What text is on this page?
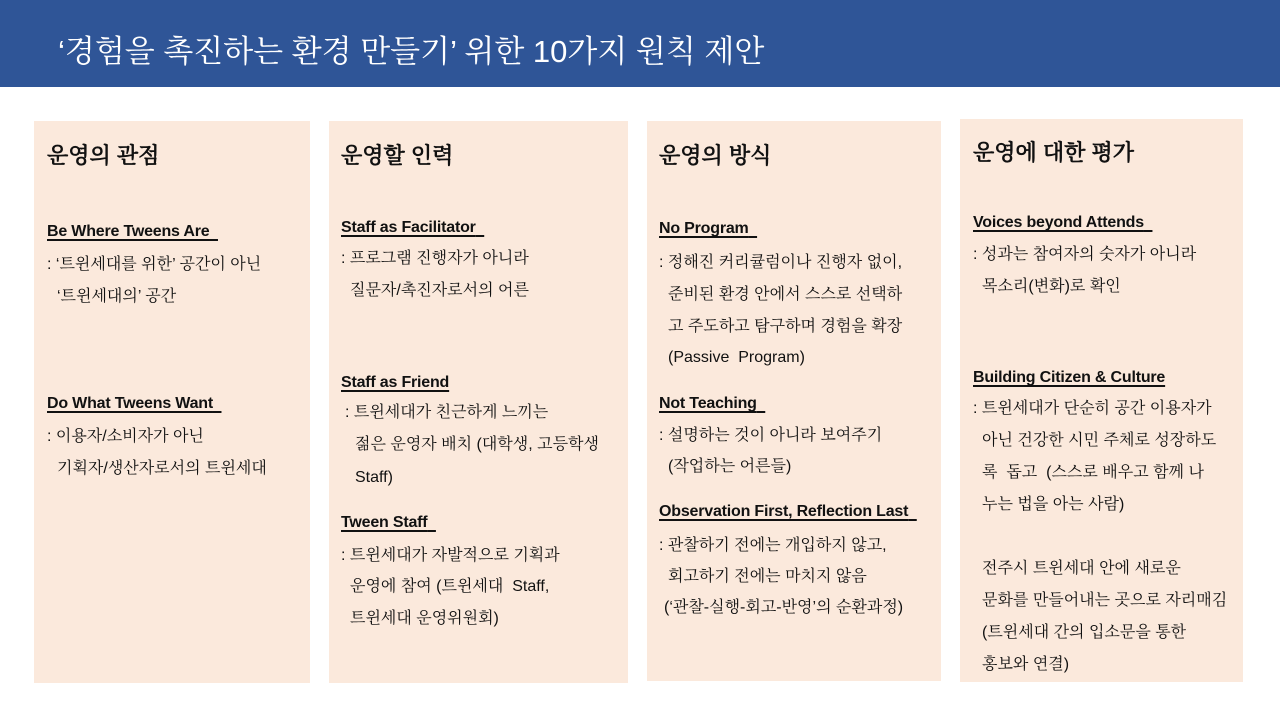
‘경험을 촉진하는 환경 만들기’ 위한 10가지 원칙 제안
운영의 관점
Be Where Tweens Are
: ‘트윈세대를 위한’ 공간이 아닌
‘트윈세대의’ 공간
Do What Tweens Want
: 이용자/소비자가 아닌
기획자/생산자로서의 트윈세대
운영할 인력
Staff as Facilitator
: 프로그램 진행자가 아니라
질문자/촉진자로서의 어른
Staff as Friend
: 트윈세대가 친근하게 느끼는
젊은 운영자 배치 (대학생, 고등학생
Staff)
Tween Staff
: 트윈세대가 자발적으로 기획과
운영에 참여 (트윈세대  Staff,
트윈세대 운영위원회)
운영의 방식
No Program
: 정해진 커리큘럼이나 진행자 없이,
준비된 환경 안에서 스스로 선택하
고 주도하고 탐구하며 경험을 확장
(Passive  Program)
Not Teaching
: 설명하는 것이 아니라 보여주기
(작업하는 어른들)
Observation First, Reflection Last
: 관찰하기 전에는 개입하지 않고,
회고하기 전에는 마치지 않음
(‘관찰-실행-회고-반영’의 순환과정)
운영에 대한 평가
Voices beyond Attends
: 성과는 참여자의 숫자가 아니라
목소리(변화)로 확인
Building Citizen & Culture
: 트윈세대가 단순히 공간 이용자가
아닌 건강한 시민 주체로 성장하도
록  돕고  (스스로 배우고 함께 나
누는 법을 아는 사람)
전주시 트윈세대 안에 새로운
문화를 만들어내는 곳으로 자리매김
(트윈세대 간의 입소문을 통한
홍보와 연결)
